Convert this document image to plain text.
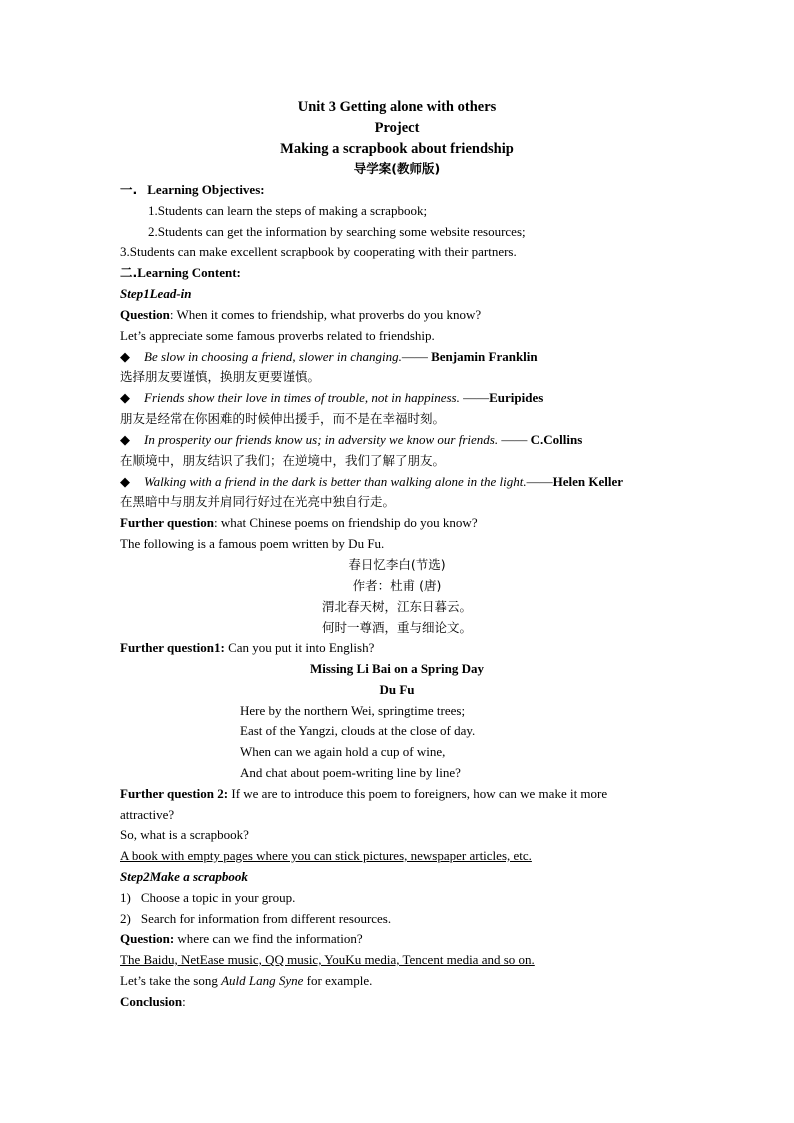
Unit 3 Getting alone with others
Project
Making a scrapbook about friendship
导学案(教师版)
一. Learning Objectives:
1.Students can learn the steps of making a scrapbook;
2.Students can get the information by searching some website resources;
3.Students can make excellent scrapbook by cooperating with their partners.
二.Learning Content:
Step1Lead-in
Question: When it comes to friendship, what proverbs do you know?
Let’s appreciate some famous proverbs related to friendship.
◆ Be slow in choosing a friend, slower in changing.—— Benjamin Franklin
选择朋友要谨慎，换朋友更要谨慎。
◆ Friends show their love in times of trouble, not in happiness. ——Euripides
朋友是经常在你困难的时候伸出援手，而不是在幸福时刻。
◆ In prosperity our friends know us; in adversity we know our friends. —— C.Collins
在顺境中，朋友结识了我们；在逆境中，我们了解了朋友。
◆ Walking with a friend in the dark is better than walking alone in the light.——Helen Keller
在黑暗中与朋友并肩同行好过在光亮中独自行走。
Further question: what Chinese poems on friendship do you know?
The following is a famous poem written by Du Fu.
春日忆李白(节选)
作者：杜甫 (唐)
渭北春天树，江东日暮云。
何时一尊酒，重与细论文。
Further question1: Can you put it into English?
Missing Li Bai on a Spring Day
Du Fu
Here by the northern Wei, springtime trees;
East of the Yangzi, clouds at the close of day.
When can we again hold a cup of wine,
And chat about poem-writing line by line?
Further question 2: If we are to introduce this poem to foreigners, how can we make it more
attractive?
So, what is a scrapbook?
A book with empty pages where you can stick pictures, newspaper articles, etc.
Step2Make a scrapbook
1) Choose a topic in your group.
2) Search for information from different resources.
Question: where can we find the information?
The Baidu, NetEase music, QQ music, YouKu media, Tencent media and so on.
Let’s take the song Auld Lang Syne for example.
Conclusion:
